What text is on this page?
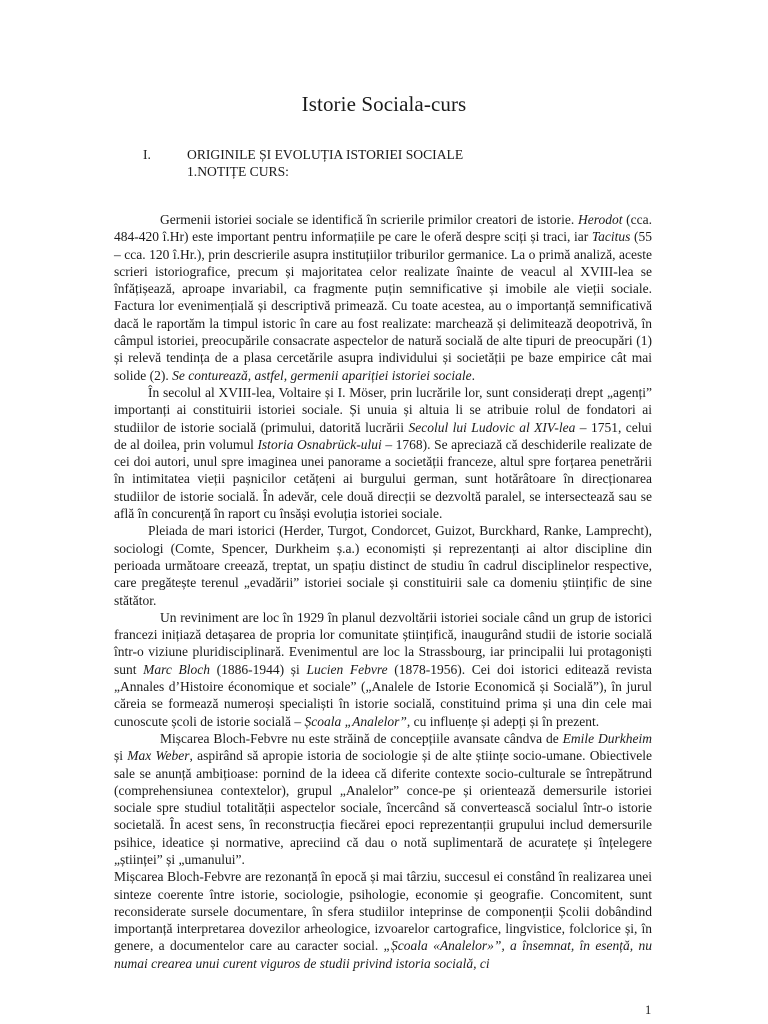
Istorie Sociala-curs
I.	ORIGINILE ȘI EVOLUȚIA ISTORIEI SOCIALE
1.NOTIȚE CURS:

Germenii istoriei sociale se identifică în scrierile primilor creatori de istorie. Herodot (cca. 484-420 î.Hr) este important pentru informațiile pe care le oferă despre sciți și traci, iar Tacitus (55 – cca. 120 î.Hr.), prin descrierile asupra instituțiilor triburilor germanice. La o primă analiză, aceste scrieri istoriografice, precum și majoritatea celor realizate înainte de veacul al XVIII-lea se înfățișează, aproape invariabil, ca fragmente puțin semnificative și imobile ale vieții sociale. Factura lor evenimențială și descriptivă primează. Cu toate acestea, au o importanță semnificativă dacă le raportăm la timpul istoric în care au fost realizate: marchează și delimitează deopotrivă, în câmpul istoriei, preocupările consacrate aspectelor de natură socială de alte tipuri de preocupări (1) și relevă tendința de a plasa cercetările asupra individului și societății pe baze empirice cât mai solide (2). Se conturează, astfel, germenii apariției istoriei sociale.

În secolul al XVIII-lea, Voltaire și I. Möser, prin lucrările lor, sunt considerați drept „agenți” importanți ai constituirii istoriei sociale. Și unuia și altuia li se atribuie rolul de fondatori ai studiilor de istorie socială (primului, datorită lucrării Secolul lui Ludovic al XIV-lea – 1751, celui de al doilea, prin volumul Istoria Osnabrück-ului – 1768). Se apreciază că deschiderile realizate de cei doi autori, unul spre imaginea unei panorame a societății franceze, altul spre forțarea penetrării în intimitatea vieții pașnicilor cetățeni ai burgului german, sunt hotărâtoare în direcționarea studiilor de istorie socială. În adevăr, cele două direcții se dezvoltă paralel, se intersectează sau se află în concurență în raport cu însăși evoluția istoriei sociale.

Pleiada de mari istorici (Herder, Turgot, Condorcet, Guizot, Burckhard, Ranke, Lamprecht), sociologi (Comte, Spencer, Durkheim ș.a.) economiști și reprezentanți ai altor discipline din perioada următoare creează, treptat, un spațiu distinct de studiu în cadrul disciplinelor respective, care pregătește terenul „evadării” istoriei sociale și constituirii sale ca domeniu științific de sine stătător.

Un reviniment are loc în 1929 în planul dezvoltării istoriei sociale când un grup de istorici francezi inițiază detașarea de propria lor comunitate științifică, inaugurând studii de istorie socială într-o viziune pluridisciplinară. Evenimentul are loc la Strassbourg, iar principalii lui protagoniști sunt Marc Bloch (1886-1944) și Lucien Febvre (1878-1956). Cei doi istorici editează revista „Annales d’Histoire économique et sociale” („Analele de Istorie Economică și Socială”), în jurul căreia se formează numeroși specialiști în istorie socială, constituind prima și una din cele mai cunoscute școli de istorie socială – Școala „Analelor”, cu influențe și adepți și în prezent.

Mișcarea Bloch-Febvre nu este străină de concepțiile avansate cândva de Emile Durkheim și Max Weber, aspirând să apropie istoria de sociologie și de alte științe socio-umane. Obiectivele sale se anunță ambițioase: pornind de la ideea că diferite contexte socio-culturale se întrepătrund (comprehensiunea contextelor), grupul „Analelor” conce-pe și orientează demersurile istoriei sociale spre studiul totalității aspectelor sociale, încercând să convertească socialul într-o istorie societală. În acest sens, în reconstrucția fiecărei epoci reprezentanții grupului includ demersurile psihice, ideatice și normative, apreciind că dau o notă suplimentară de acuratețe și înțelegere „științei” și „umanului”.

Mișcarea Bloch-Febvre are rezonanță în epocă și mai târziu, succesul ei constând în realizarea unei sinteze coerente între istorie, sociologie, psihologie, economie și geografie. Concomitent, sunt reconsiderate sursele documentare, în sfera studiilor inteprinse de componenții Școlii dobândind importanță interpretarea dovezilor arheologice, izvoarelor cartografice, lingvistice, folclorice și, în genere, a documentelor care au caracter social. „Școala «Analelor»”, a însemnat, în esență, nu numai crearea unui curent viguros de studii privind istoria socială, ci

1
